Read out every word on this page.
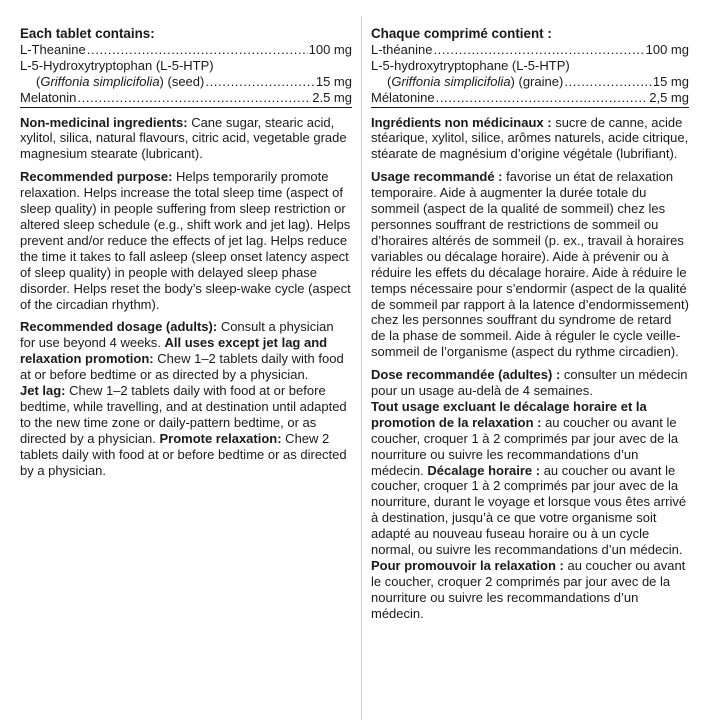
Each tablet contains:
L-Theanine . . .	100 mg
L-5-Hydroxytryptophan (L-5-HTP)
(Griffonia simplicifolia) (seed) . . .	15 mg
Melatonin . . .	2.5 mg

Non-medicinal ingredients: Cane sugar, stearic acid, xylitol, silica, natural flavours, citric acid, vegetable grade magnesium stearate (lubricant).

Recommended purpose: Helps temporarily promote relaxation. Helps increase the total sleep time (aspect of sleep quality) in people suffering from sleep restriction or altered sleep schedule (e.g., shift work and jet lag). Helps prevent and/or reduce the effects of jet lag. Helps reduce the time it takes to fall asleep (sleep onset latency aspect of sleep quality) in people with delayed sleep phase disorder. Helps reset the body’s sleep-wake cycle (aspect of the circadian rhythm).

Recommended dosage (adults): Consult a physician for use beyond 4 weeks. All uses except jet lag and relaxation promotion: Chew 1–2 tablets daily with food at or before bedtime or as directed by a physician.
Jet lag: Chew 1–2 tablets daily with food at or before bedtime, while travelling, and at destination until adapted to the new time zone or daily-pattern bedtime, or as directed by a physician. Promote relaxation: Chew 2 tablets daily with food at or before bedtime or as directed by a physician.

Chaque comprimé contient :
L-théanine . . .	100 mg
L-5-hydroxytryptophane (L-5-HTP)
(Griffonia simplicifolia) (graine) . . .	15 mg
Mélatonine . . .	2,5 mg

Ingrédients non médicinaux : sucre de canne, acide stéarique, xylitol, silice, arômes naturels, acide citrique, stéarate de magnésium d’origine végétale (lubrifiant).

Usage recommandé : favorise un état de relaxation temporaire. Aide à augmenter la durée totale du sommeil (aspect de la qualité de sommeil) chez les personnes souffrant de restrictions de sommeil ou d’horaires altérés de sommeil (p. ex., travail à horaires variables ou décalage horaire). Aide à prévenir ou à réduire les effets du décalage horaire. Aide à réduire le temps nécessaire pour s’endormir (aspect de la qualité de sommeil par rapport à la latence d’endormissement) chez les personnes souffrant du syndrome de retard de la phase de sommeil. Aide à réguler le cycle veille-sommeil de l’organisme (aspect du rythme circadien).

Dose recommandée (adultes) : consulter un médecin pour un usage au-delà de 4 semaines.
Tout usage excluant le décalage horaire et la promotion de la relaxation : au coucher ou avant le coucher, croquer 1 à 2 comprimés par jour avec de la nourriture ou suivre les recommandations d’un médecin. Décalage horaire : au coucher ou avant le coucher, croquer 1 à 2 comprimés par jour avec de la nourriture, durant le voyage et lorsque vous êtes arrivé à destination, jusqu’à ce que votre organisme soit adapté au nouveau fuseau horaire ou à un cycle normal, ou suivre les recommandations d’un médecin.
Pour promouvoir la relaxation : au coucher ou avant le coucher, croquer 2 comprimés par jour avec de la nourriture ou suivre les recommandations d’un médecin.
